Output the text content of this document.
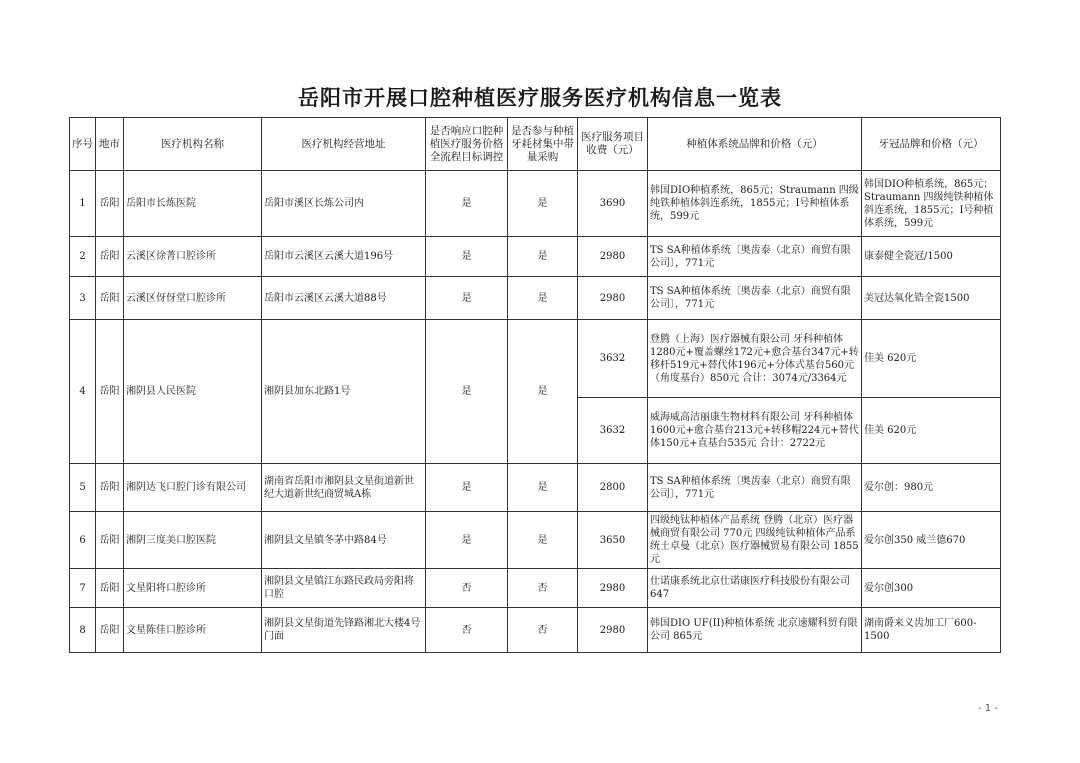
岳阳市开展口腔种植医疗服务医疗机构信息一览表
序号	地市	医疗机构名称	医疗机构经营地址	是否响应口腔种植医疗服务价格全流程目标调控	是否参与种植牙耗材集中带量采购	医疗服务项目收费（元）	种植体系统品牌和价格（元）	牙冠品牌和价格（元）
1	岳阳	岳阳市长炼医院	岳阳市溪区长炼公司内	是	是	3690	韩国DIO种植系统，865元；Straumann 四级纯铁种植体斜连系统，1855元；I号种植体系统，599元	韩国DIO种植系统，865元；Straumann 四级纯铁种植体斜连系统，1855元；I号种植体系统，599元
2	岳阳	云溪区徐菁口腔诊所	岳阳市云溪区云溪大道196号	是	是	2980	TS SA种植体系统〔奥齿泰（北京）商贸有限公司〕，771元	康泰健全瓷冠/1500
3	岳阳	云溪区伢伢堂口腔诊所	岳阳市云溪区云溪大道88号	是	是	2980	TS SA种植体系统〔奥齿泰（北京）商贸有限公司〕，771元	美冠达氧化锆全瓷1500
4	岳阳	湘阴县人民医院	湘阴县加东北路1号	是	是	3632	登腾（上海）医疗器械有限公司 牙科种植体1280元+覆盖螺丝172元+愈合基台347元+转移杆519元+替代体196元+分体式基台560元（角度基台）850元 合计：3074元/3364元	佳美 620元
						3632	威海威高洁丽康生物材料有限公司 牙科种植体1600元+愈合基台213元+转移帽224元+替代体150元+直基台535元 合计：2722元	佳美 620元
5	岳阳	湘阴达飞口腔门诊有限公司	湖南省岳阳市湘阴县文星街道新世纪大道新世纪商贸城A栋	是	是	2800	TS SA种植体系统〔奥齿泰（北京）商贸有限公司〕，771元	爱尔创：980元
6	岳阳	湘阴三度美口腔医院	湘阴县文星镇冬茅中路84号	是	是	3650	四级纯钛种植体产品系统 登腾（北京）医疗器械商贸有限公司 770元 四级纯钛种植体产品系统士卓曼（北京）医疗器械贸易有限公司 1855元	爱尔创350 威兰德670
7	岳阳	文星阳将口腔诊所	湘阴县文星镇江东路民政局旁阳将口腔	否	否	2980	仕诺康系统北京仕诺康医疗科技股份有限公司647	爱尔创300
8	岳阳	文星陈佳口腔诊所	湘阴县文星街道先锋路湘北大楼4号门面	否	否	2980	韩国DIO UF(II)种植体系统 北京速耀科贸有限公司 865元	湖南爵来义齿加工厂600-1500
- 1 -
